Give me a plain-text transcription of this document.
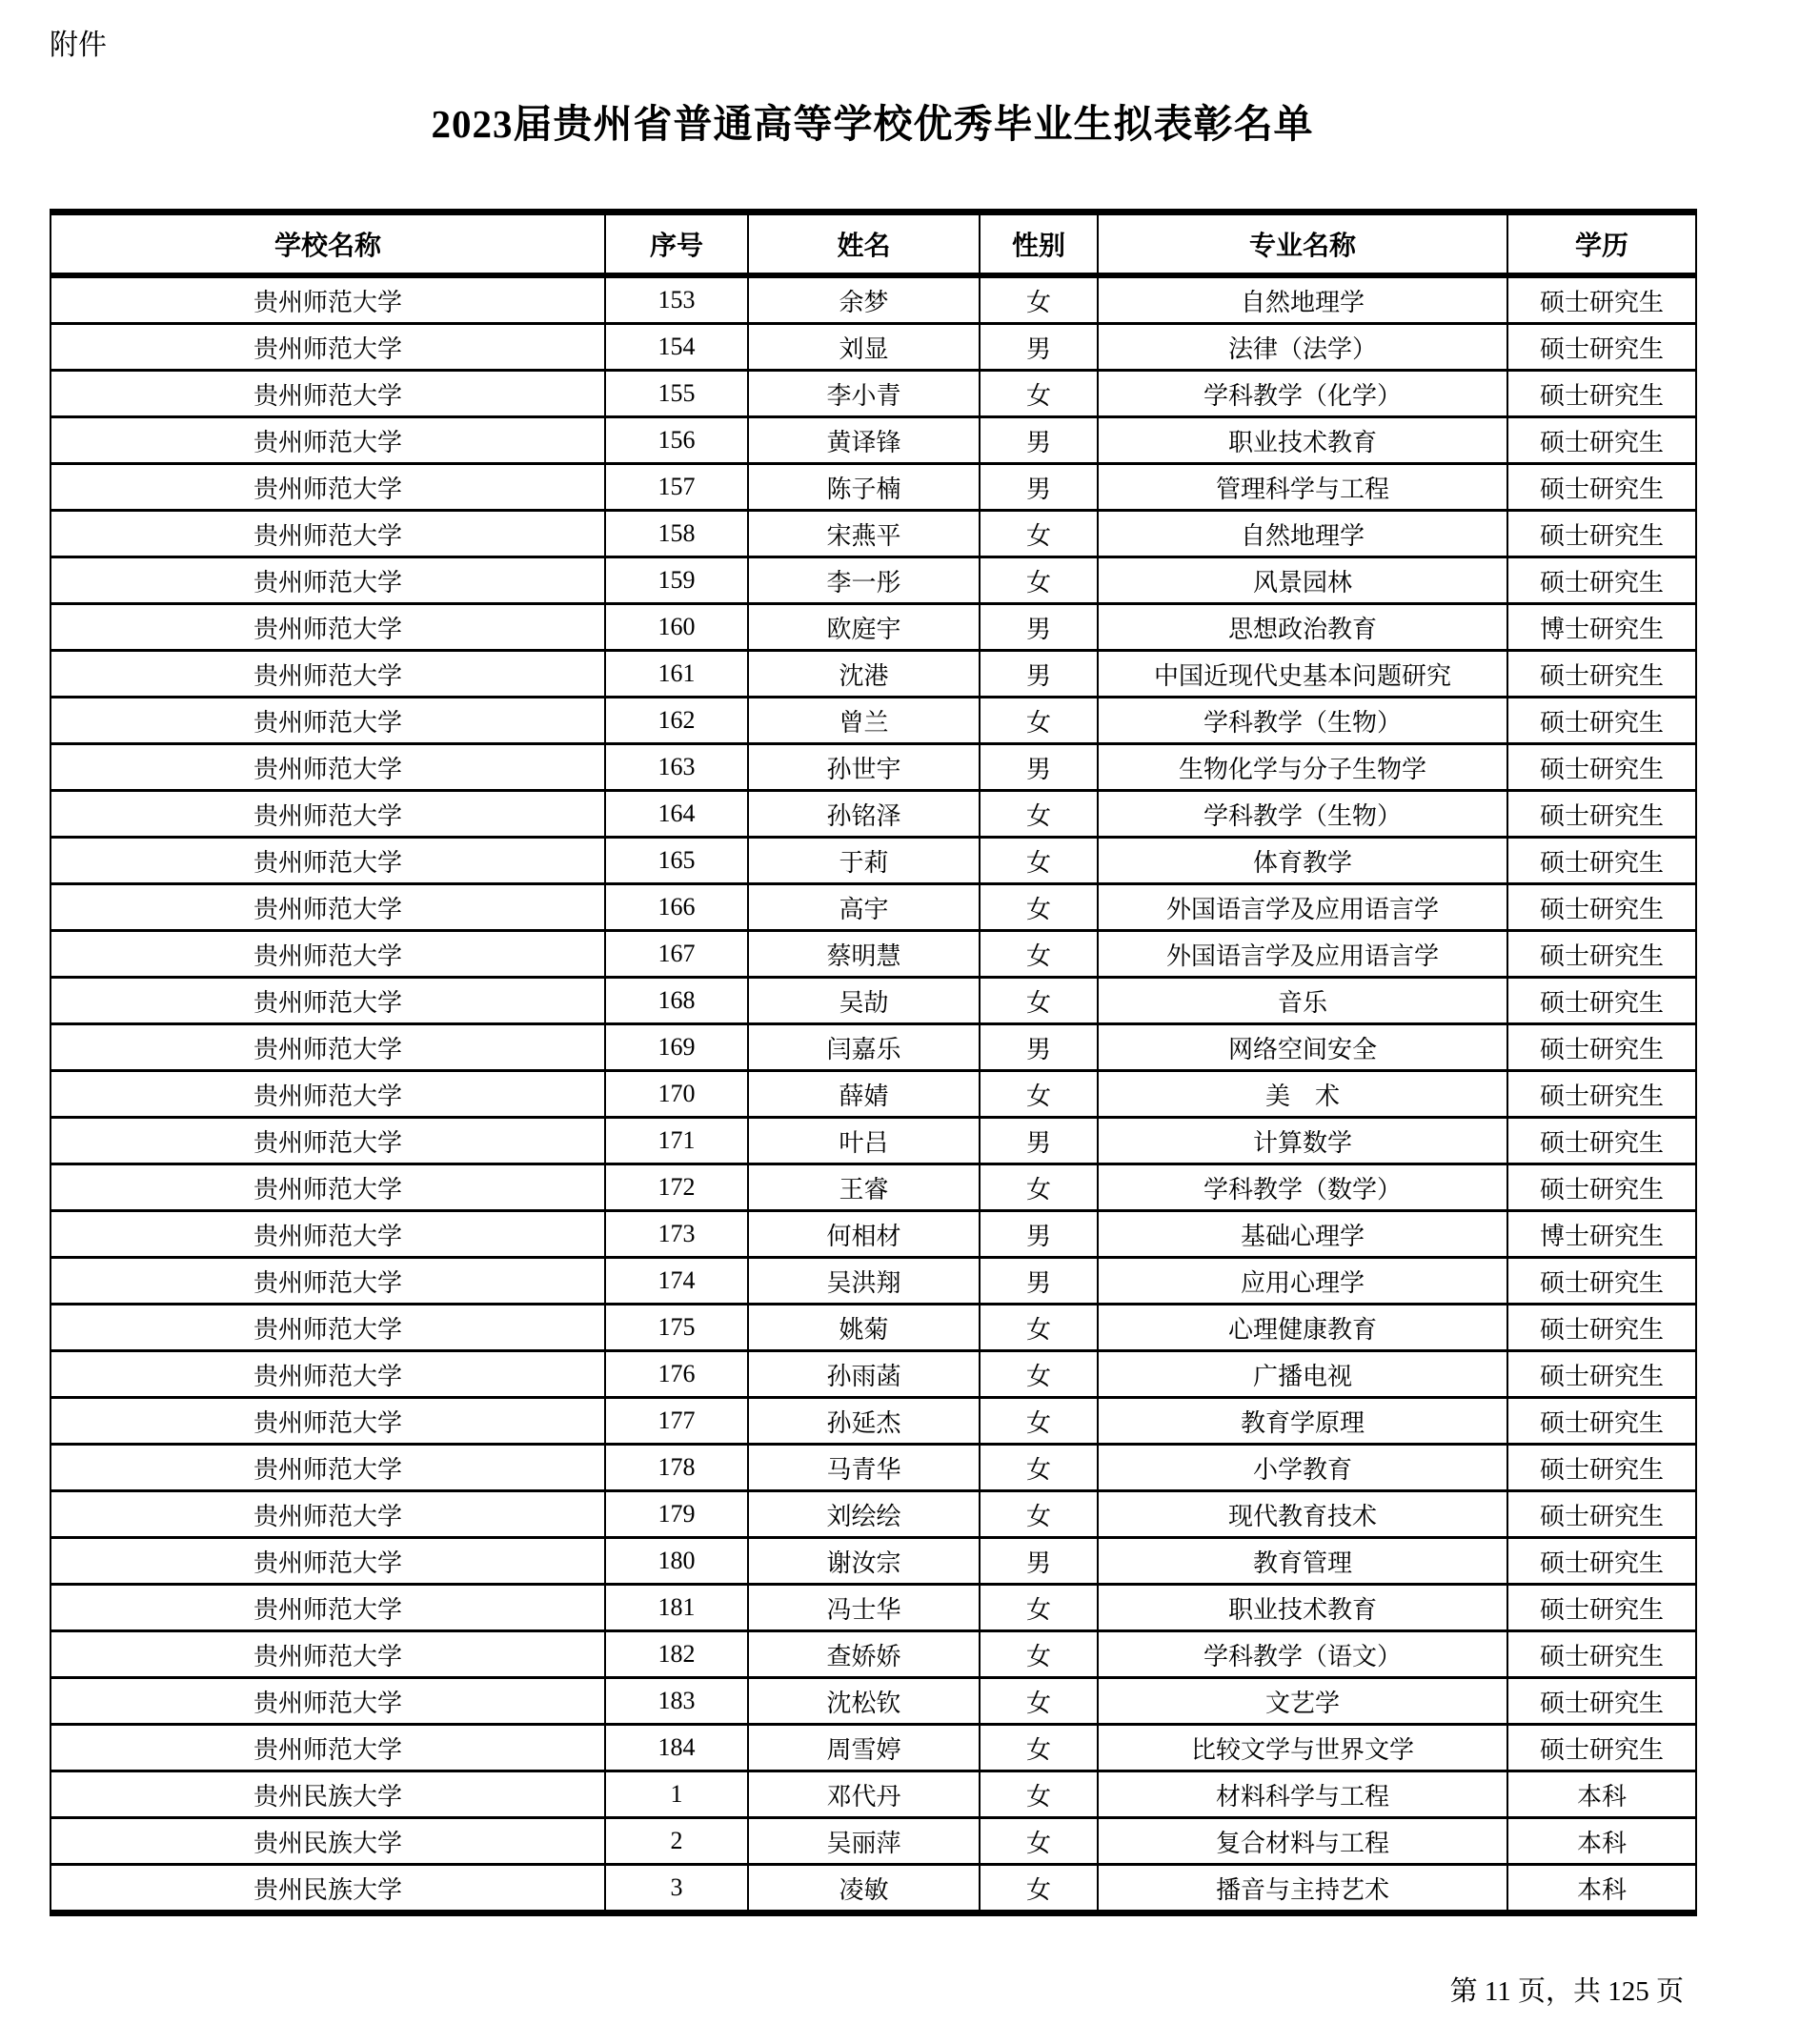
附件
2023届贵州省普通高等学校优秀毕业生拟表彰名单
学校名称	序号	姓名	性别	专业名称	学历
贵州师范大学	153	余梦	女	自然地理学	硕士研究生
贵州师范大学	154	刘显	男	法律（法学）	硕士研究生
贵州师范大学	155	李小青	女	学科教学（化学）	硕士研究生
贵州师范大学	156	黄译锋	男	职业技术教育	硕士研究生
贵州师范大学	157	陈子楠	男	管理科学与工程	硕士研究生
贵州师范大学	158	宋燕平	女	自然地理学	硕士研究生
贵州师范大学	159	李一彤	女	风景园林	硕士研究生
贵州师范大学	160	欧庭宇	男	思想政治教育	博士研究生
贵州师范大学	161	沈港	男	中国近现代史基本问题研究	硕士研究生
贵州师范大学	162	曾兰	女	学科教学（生物）	硕士研究生
贵州师范大学	163	孙世宇	男	生物化学与分子生物学	硕士研究生
贵州师范大学	164	孙铭泽	女	学科教学（生物）	硕士研究生
贵州师范大学	165	于莉	女	体育教学	硕士研究生
贵州师范大学	166	高宇	女	外国语言学及应用语言学	硕士研究生
贵州师范大学	167	蔡明慧	女	外国语言学及应用语言学	硕士研究生
贵州师范大学	168	吴劼	女	音乐	硕士研究生
贵州师范大学	169	闫嘉乐	男	网络空间安全	硕士研究生
贵州师范大学	170	薛婧	女	美　术	硕士研究生
贵州师范大学	171	叶吕	男	计算数学	硕士研究生
贵州师范大学	172	王睿	女	学科教学（数学）	硕士研究生
贵州师范大学	173	何相材	男	基础心理学	博士研究生
贵州师范大学	174	吴洪翔	男	应用心理学	硕士研究生
贵州师范大学	175	姚菊	女	心理健康教育	硕士研究生
贵州师范大学	176	孙雨菡	女	广播电视	硕士研究生
贵州师范大学	177	孙延杰	女	教育学原理	硕士研究生
贵州师范大学	178	马青华	女	小学教育	硕士研究生
贵州师范大学	179	刘绘绘	女	现代教育技术	硕士研究生
贵州师范大学	180	谢汝宗	男	教育管理	硕士研究生
贵州师范大学	181	冯士华	女	职业技术教育	硕士研究生
贵州师范大学	182	查娇娇	女	学科教学（语文）	硕士研究生
贵州师范大学	183	沈松钦	女	文艺学	硕士研究生
贵州师范大学	184	周雪婷	女	比较文学与世界文学	硕士研究生
贵州民族大学	1	邓代丹	女	材料科学与工程	本科
贵州民族大学	2	吴丽萍	女	复合材料与工程	本科
贵州民族大学	3	凌敏	女	播音与主持艺术	本科
第 11 页，共 125 页
